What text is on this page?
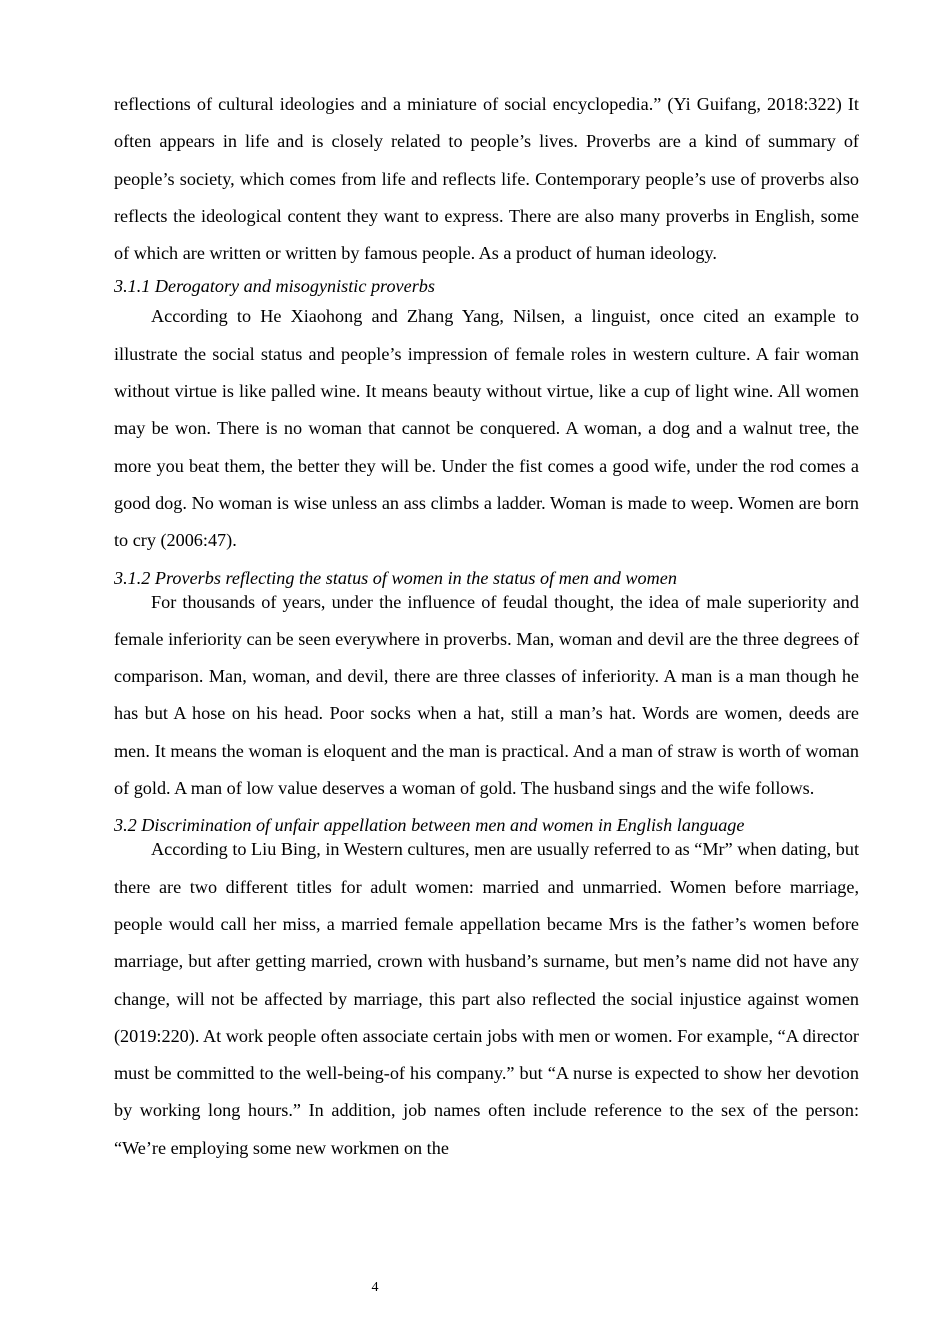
reflections of cultural ideologies and a miniature of social encyclopedia.” (Yi Guifang, 2018:322) It often appears in life and is closely related to people’s lives. Proverbs are a kind of summary of people’s society, which comes from life and reflects life. Contemporary people’s use of proverbs also reflects the ideological content they want to express. There are also many proverbs in English, some of which are written or written by famous people. As a product of human ideology.

3.1.1 Derogatory and misogynistic proverbs

According to He Xiaohong and Zhang Yang, Nilsen, a linguist, once cited an example to illustrate the social status and people’s impression of female roles in western culture. A fair woman without virtue is like palled wine. It means beauty without virtue, like a cup of light wine. All women may be won. There is no woman that cannot be conquered. A woman, a dog and a walnut tree, the more you beat them, the better they will be. Under the fist comes a good wife, under the rod comes a good dog. No woman is wise unless an ass climbs a ladder. Woman is made to weep. Women are born to cry (2006:47).

3.1.2 Proverbs reflecting the status of women in the status of men and women

For thousands of years, under the influence of feudal thought, the idea of male superiority and female inferiority can be seen everywhere in proverbs. Man, woman and devil are the three degrees of comparison. Man, woman, and devil, there are three classes of inferiority. A man is a man though he has but A hose on his head. Poor socks when a hat, still a man’s hat. Words are women, deeds are men. It means the woman is eloquent and the man is practical. And a man of straw is worth of woman of gold. A man of low value deserves a woman of gold. The husband sings and the wife follows.

3.2 Discrimination of unfair appellation between men and women in English language

According to Liu Bing, in Western cultures, men are usually referred to as “Mr” when dating, but there are two different titles for adult women: married and unmarried. Women before marriage, people would call her miss, a married female appellation became Mrs is the father’s women before marriage, but after getting married, crown with husband’s surname, but men’s name did not have any change, will not be affected by marriage, this part also reflected the social injustice against women (2019:220). At work people often associate certain jobs with men or women. For example, “A director must be committed to the well-being-of his company.” but “A nurse is expected to show her devotion by working long hours.” In addition, job names often include reference to the sex of the person: “We’re employing some new workmen on the

4
